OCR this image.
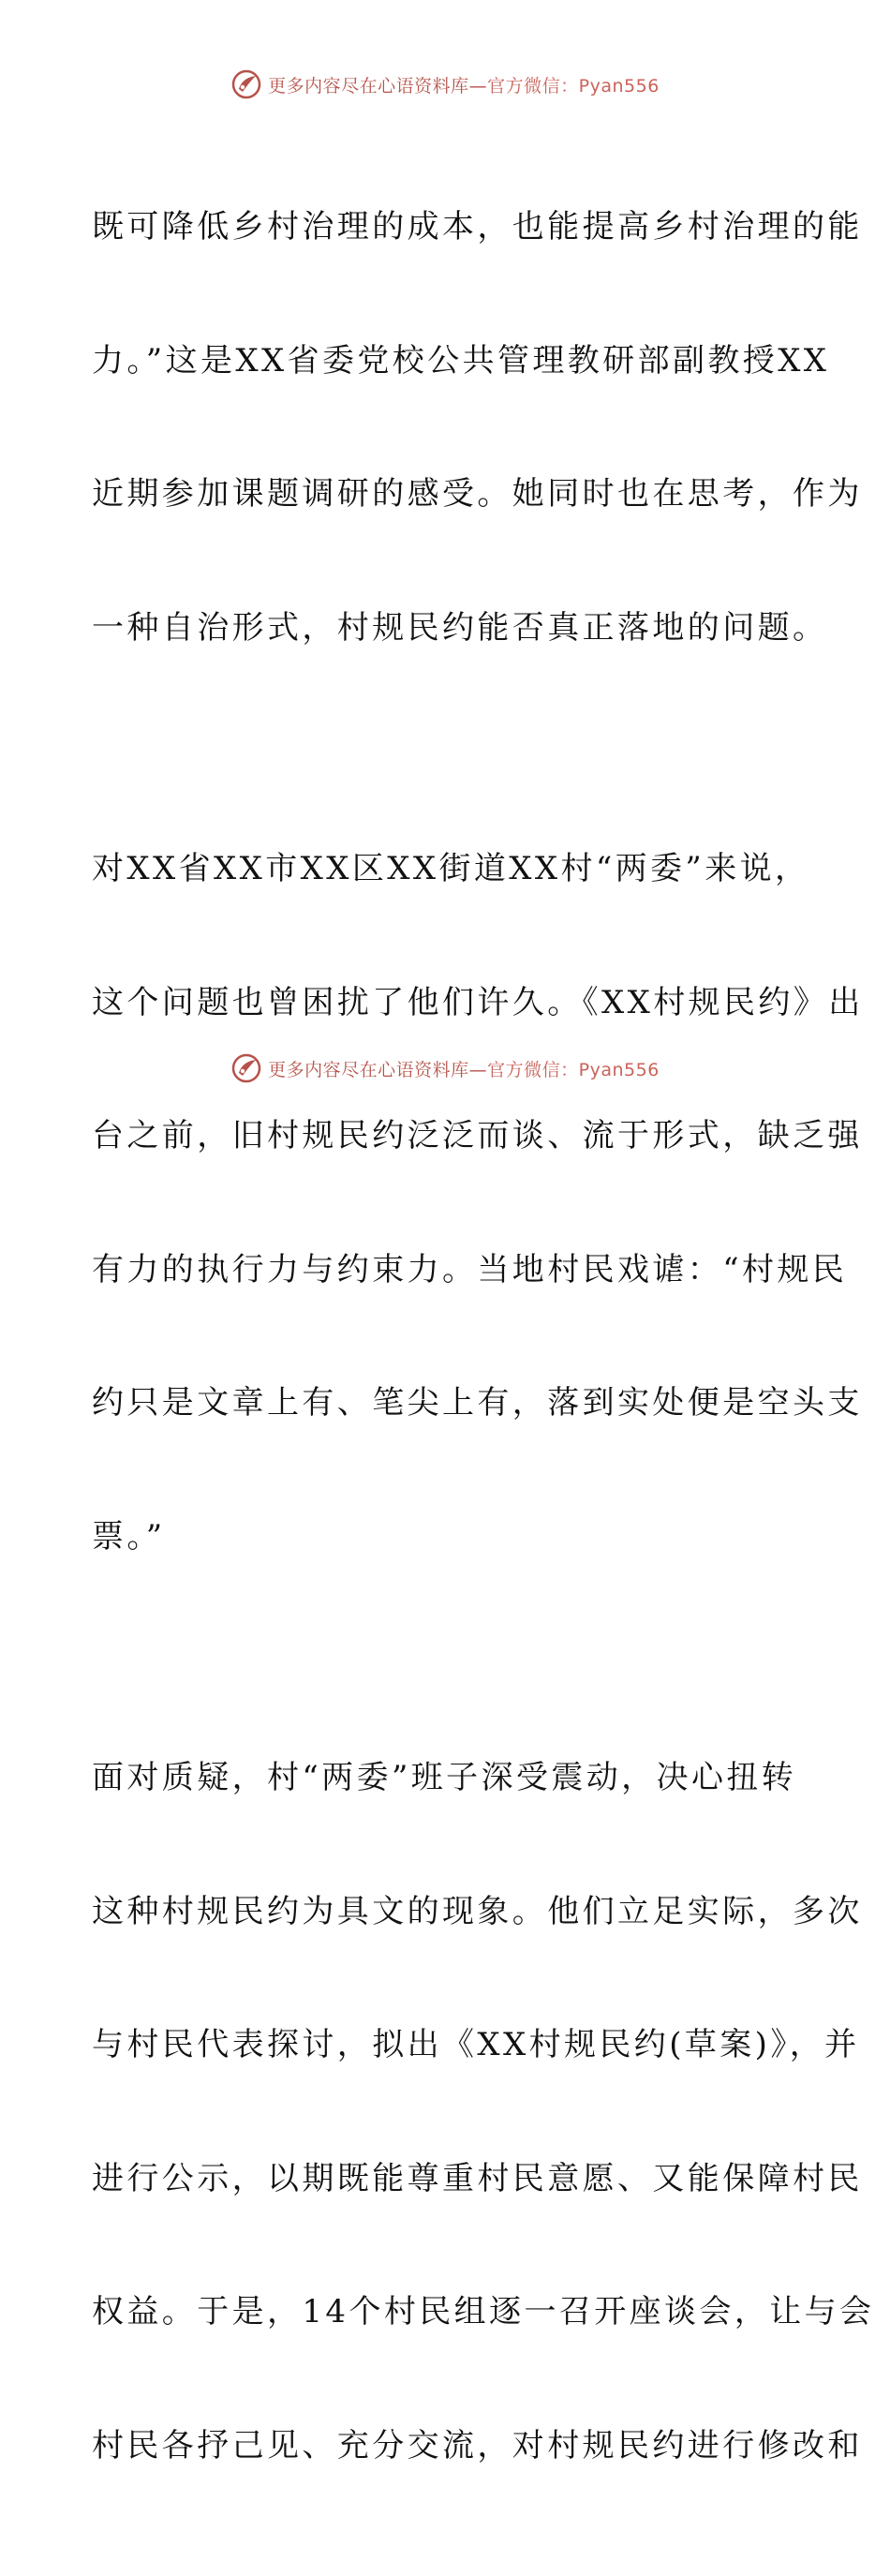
更多内容尽在心语资料库—官方微信：Pyan556

既可降低乡村治理的成本，也能提高乡村治理的能

力。”这是XX省委党校公共管理教研部副教授XX

近期参加课题调研的感受。她同时也在思考，作为

一种自治形式，村规民约能否真正落地的问题。

对XX省XX市XX区XX街道XX村“两委”来说，

这个问题也曾困扰了他们许久。《XX村规民约》出

台之前，旧村规民约泛泛而谈、流于形式，缺乏强

有力的执行力与约束力。当地村民戏谑：“村规民

约只是文章上有、笔尖上有，落到实处便是空头支

票。”

面对质疑，村“两委”班子深受震动，决心扭转

这种村规民约为具文的现象。他们立足实际，多次

与村民代表探讨，拟出《XX村规民约(草案)》，并

进行公示，以期既能尊重村民意愿、又能保障村民

权益。于是，14个村民组逐一召开座谈会，让与会

村民各抒己见、充分交流，对村规民约进行修改和

更多内容尽在心语资料库—官方微信：Pyan556
